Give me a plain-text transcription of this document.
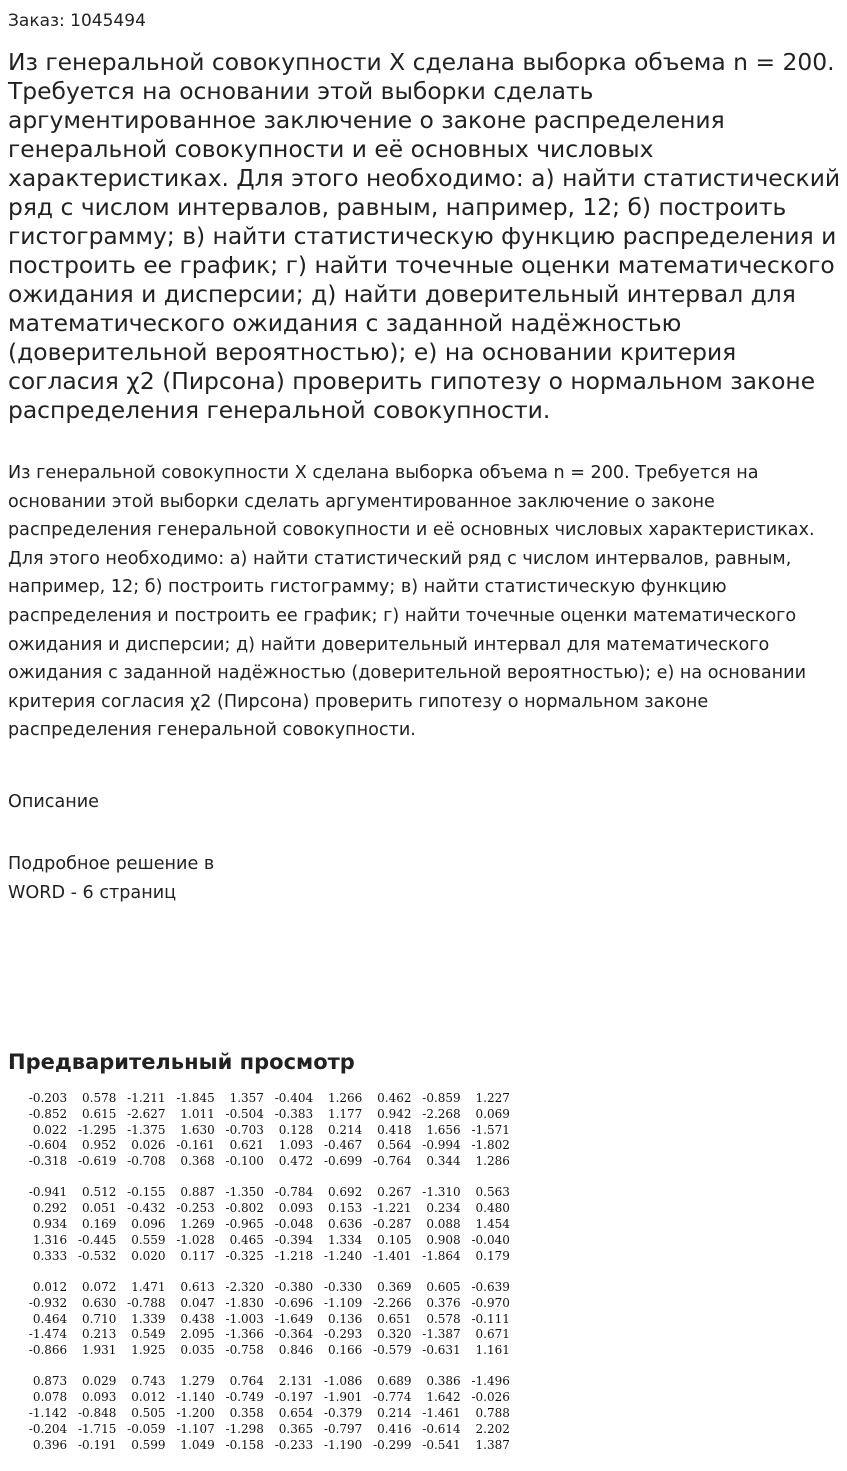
Заказ: 1045494
Из генеральной совокупности X сделана выборка объема n = 200. Требуется на основании этой выборки сделать аргументированное заключение о законе распределения генеральной совокупности и её основных числовых характеристиках. Для этого необходимо: а) найти статистический ряд с числом интервалов, равным, например, 12; б) построить гистограмму; в) найти статистическую функцию распределения и построить ее график; г) найти точечные оценки математического ожидания и дисперсии; д) найти доверительный интервал для математического ожидания с заданной надёжностью (доверительной вероятностью); е) на основании критерия согласия χ2 (Пирсона) проверить гипотезу о нормальном законе распределения генеральной совокупности.

Из генеральной совокупности X сделана выборка объема n = 200. Требуется на основании этой выборки сделать аргументированное заключение о законе распределения генеральной совокупности и её основных числовых характеристиках. Для этого необходимо: а) найти статистический ряд с числом интервалов, равным, например, 12; б) построить гистограмму; в) найти статистическую функцию распределения и построить ее график; г) найти точечные оценки математического ожидания и дисперсии; д) найти доверительный интервал для математического ожидания с заданной надёжностью (доверительной вероятностью); е) на основании критерия согласия χ2 (Пирсона) проверить гипотезу о нормальном законе распределения генеральной совокупности.

Описание
Подробное решение в
WORD - 6 страниц
Предварительный просмотр
-0.203 0.578 -1.211 -1.845 1.357 -0.404 1.266 0.462 -0.859 1.227
-0.852 0.615 -2.627 1.011 -0.504 -0.383 1.177 0.942 -2.268 0.069
0.022 -1.295 -1.375 1.630 -0.703 0.128 0.214 0.418 1.656 -1.571
-0.604 0.952 0.026 -0.161 0.621 1.093 -0.467 0.564 -0.994 -1.802
-0.318 -0.619 -0.708 0.368 -0.100 0.472 -0.699 -0.764 0.344 1.286
-0.941 0.512 -0.155 0.887 -1.350 -0.784 0.692 0.267 -1.310 0.563
0.292 0.051 -0.432 -0.253 -0.802 0.093 0.153 -1.221 0.234 0.480
0.934 0.169 0.096 1.269 -0.965 -0.048 0.636 -0.287 0.088 1.454
1.316 -0.445 0.559 -1.028 0.465 -0.394 1.334 0.105 0.908 -0.040
0.333 -0.532 0.020 0.117 -0.325 -1.218 -1.240 -1.401 -1.864 0.179
0.012 0.072 1.471 0.613 -2.320 -0.380 -0.330 0.369 0.605 -0.639
-0.932 0.630 -0.788 0.047 -1.830 -0.696 -1.109 -2.266 0.376 -0.970
0.464 0.710 1.339 0.438 -1.003 -1.649 0.136 0.651 0.578 -0.111
-1.474 0.213 0.549 2.095 -1.366 -0.364 -0.293 0.320 -1.387 0.671
-0.866 1.931 1.925 0.035 -0.758 0.846 0.166 -0.579 -0.631 1.161
0.873 0.029 0.743 1.279 0.764 2.131 -1.086 0.689 0.386 -1.496
0.078 0.093 0.012 -1.140 -0.749 -0.197 -1.901 -0.774 1.642 -0.026
-1.142 -0.848 0.505 -1.200 0.358 0.654 -0.379 0.214 -1.461 0.788
-0.204 -1.715 -0.059 -1.107 -1.298 0.365 -0.797 0.416 -0.614 2.202
0.396 -0.191 0.599 1.049 -0.158 -0.233 -1.190 -0.299 -0.541 1.387
